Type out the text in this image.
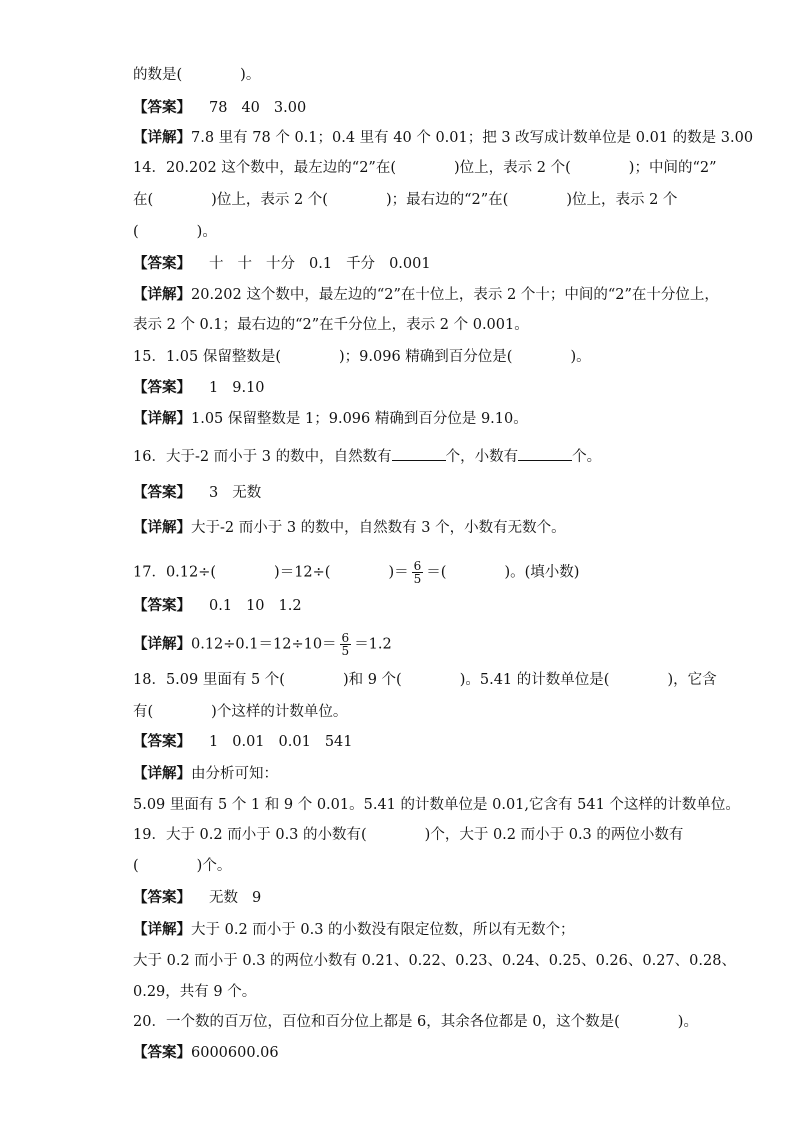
的数是(	)。
【答案】 78 40 3.00
【详解】7.8 里有 78 个 0.1；0.4 里有 40 个 0.01；把 3 改写成计数单位是 0.01 的数是 3.00
14．20.202 这个数中，最左边的“2”在(	)位上，表示 2 个(	)；中间的“2”
在(	)位上，表示 2 个(	)；最右边的“2”在(	)位上，表示 2 个
(	)。
【答案】 十 十 十分 0.1 千分 0.001
【详解】20.202 这个数中，最左边的“2”在十位上，表示 2 个十；中间的“2”在十分位上，
表示 2 个 0.1；最右边的“2”在千分位上，表示 2 个 0.001。
15．1.05 保留整数是(	)；9.096 精确到百分位是(	)。
【答案】 1 9.10
【详解】1.05 保留整数是 1；9.096 精确到百分位是 9.10。
16．大于-2 而小于 3 的数中，自然数有	个，小数有	个。
【答案】 3 无数
【详解】大于-2 而小于 3 的数中，自然数有 3 个，小数有无数个。
17．0.12÷(	)＝12÷(	)＝ $\frac{6}{5}$ ＝(	)。(填小数)
【答案】 0.1 10 1.2
【详解】$0.12\div 0.1=12\div 10= \frac{6}{5} =1.2$
18．5.09 里面有 5 个(	)和 9 个(	)。5.41 的计数单位是(	)，它含
有(	)个这样的计数单位。
【答案】 1 0.01 0.01 541
【详解】由分析可知：
5.09 里面有 5 个 1 和 9 个 0.01。5.41 的计数单位是 0.01,它含有 541 个这样的计数单位。
19．大于 0.2 而小于 0.3 的小数有(	)个，大于 0.2 而小于 0.3 的两位小数有
(	)个。
【答案】 无数 9
【详解】大于 0.2 而小于 0.3 的小数没有限定位数，所以有无数个；
大于 0.2 而小于 0.3 的两位小数有 0.21、0.22、0.23、0.24、0.25、0.26、0.27、0.28、
0.29，共有 9 个。
20．一个数的百万位，百位和百分位上都是 6，其余各位都是 0，这个数是(	)。
【答案】6000600.06
